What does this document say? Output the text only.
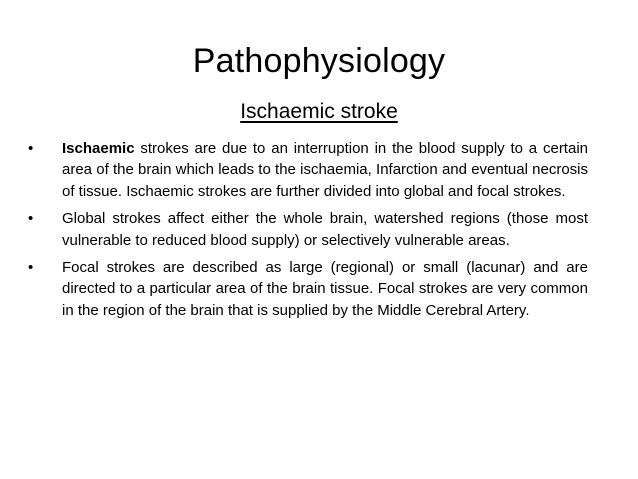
Pathophysiology
Ischaemic stroke
•	Ischaemic strokes are due to an interruption in the blood supply to a certain area of the brain which leads to the ischaemia, Infarction and eventual necrosis of tissue. Ischaemic strokes are further divided into global and focal strokes.
•	Global strokes affect either the whole brain, watershed regions (those most vulnerable to reduced blood supply) or selectively vulnerable areas.
•	Focal strokes are described as large (regional) or small (lacunar) and are directed to a particular area of the brain tissue. Focal strokes are very common in the region of the brain that is supplied by the Middle Cerebral Artery.
